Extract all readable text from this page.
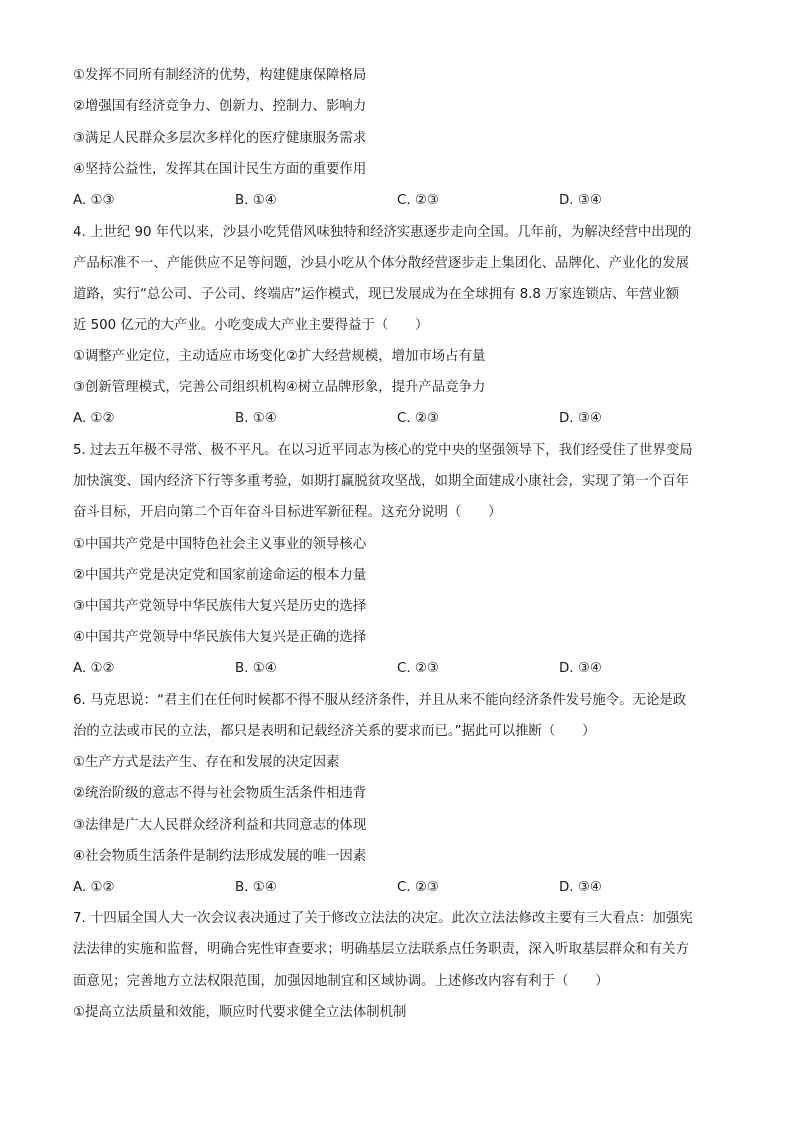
①发挥不同所有制经济的优势，构建健康保障格局
②增强国有经济竞争力、创新力、控制力、影响力
③满足人民群众多层次多样化的医疗健康服务需求
④坚持公益性，发挥其在国计民生方面的重要作用
A. ①③	B. ①④	C. ②③	D. ③④
4. 上世纪 90 年代以来，沙县小吃凭借风味独特和经济实惠逐步走向全国。几年前，为解决经营中出现的
产品标准不一、产能供应不足等问题，沙县小吃从个体分散经营逐步走上集团化、品牌化、产业化的发展
道路，实行“总公司、子公司、终端店”运作模式，现已发展成为在全球拥有 8.8 万家连锁店、年营业额
近 500 亿元的大产业。小吃变成大产业主要得益于（　　）
①调整产业定位，主动适应市场变化②扩大经营规模，增加市场占有量
③创新管理模式，完善公司组织机构④树立品牌形象，提升产品竞争力
A. ①②	B. ①④	C. ②③	D. ③④
5. 过去五年极不寻常、极不平凡。在以习近平同志为核心的党中央的坚强领导下，我们经受住了世界变局
加快演变、国内经济下行等多重考验，如期打赢脱贫攻坚战，如期全面建成小康社会，实现了第一个百年
奋斗目标，开启向第二个百年奋斗目标进军新征程。这充分说明（　　）
①中国共产党是中国特色社会主义事业的领导核心
②中国共产党是决定党和国家前途命运的根本力量
③中国共产党领导中华民族伟大复兴是历史的选择
④中国共产党领导中华民族伟大复兴是正确的选择
A. ①②	B. ①④	C. ②③	D. ③④
6. 马克思说：“君主们在任何时候都不得不服从经济条件，并且从来不能向经济条件发号施令。无论是政
治的立法或市民的立法，都只是表明和记载经济关系的要求而已。”据此可以推断（　　）
①生产方式是法产生、存在和发展的决定因素
②统治阶级的意志不得与社会物质生活条件相违背
③法律是广大人民群众经济利益和共同意志的体现
④社会物质生活条件是制约法形成发展的唯一因素
A. ①②	B. ①④	C. ②③	D. ③④
7. 十四届全国人大一次会议表决通过了关于修改立法法的决定。此次立法法修改主要有三大看点：加强宪
法法律的实施和监督，明确合宪性审查要求；明确基层立法联系点任务职责，深入听取基层群众和有关方
面意见；完善地方立法权限范围，加强因地制宜和区域协调。上述修改内容有利于（　　）
①提高立法质量和效能，顺应时代要求健全立法体制机制
